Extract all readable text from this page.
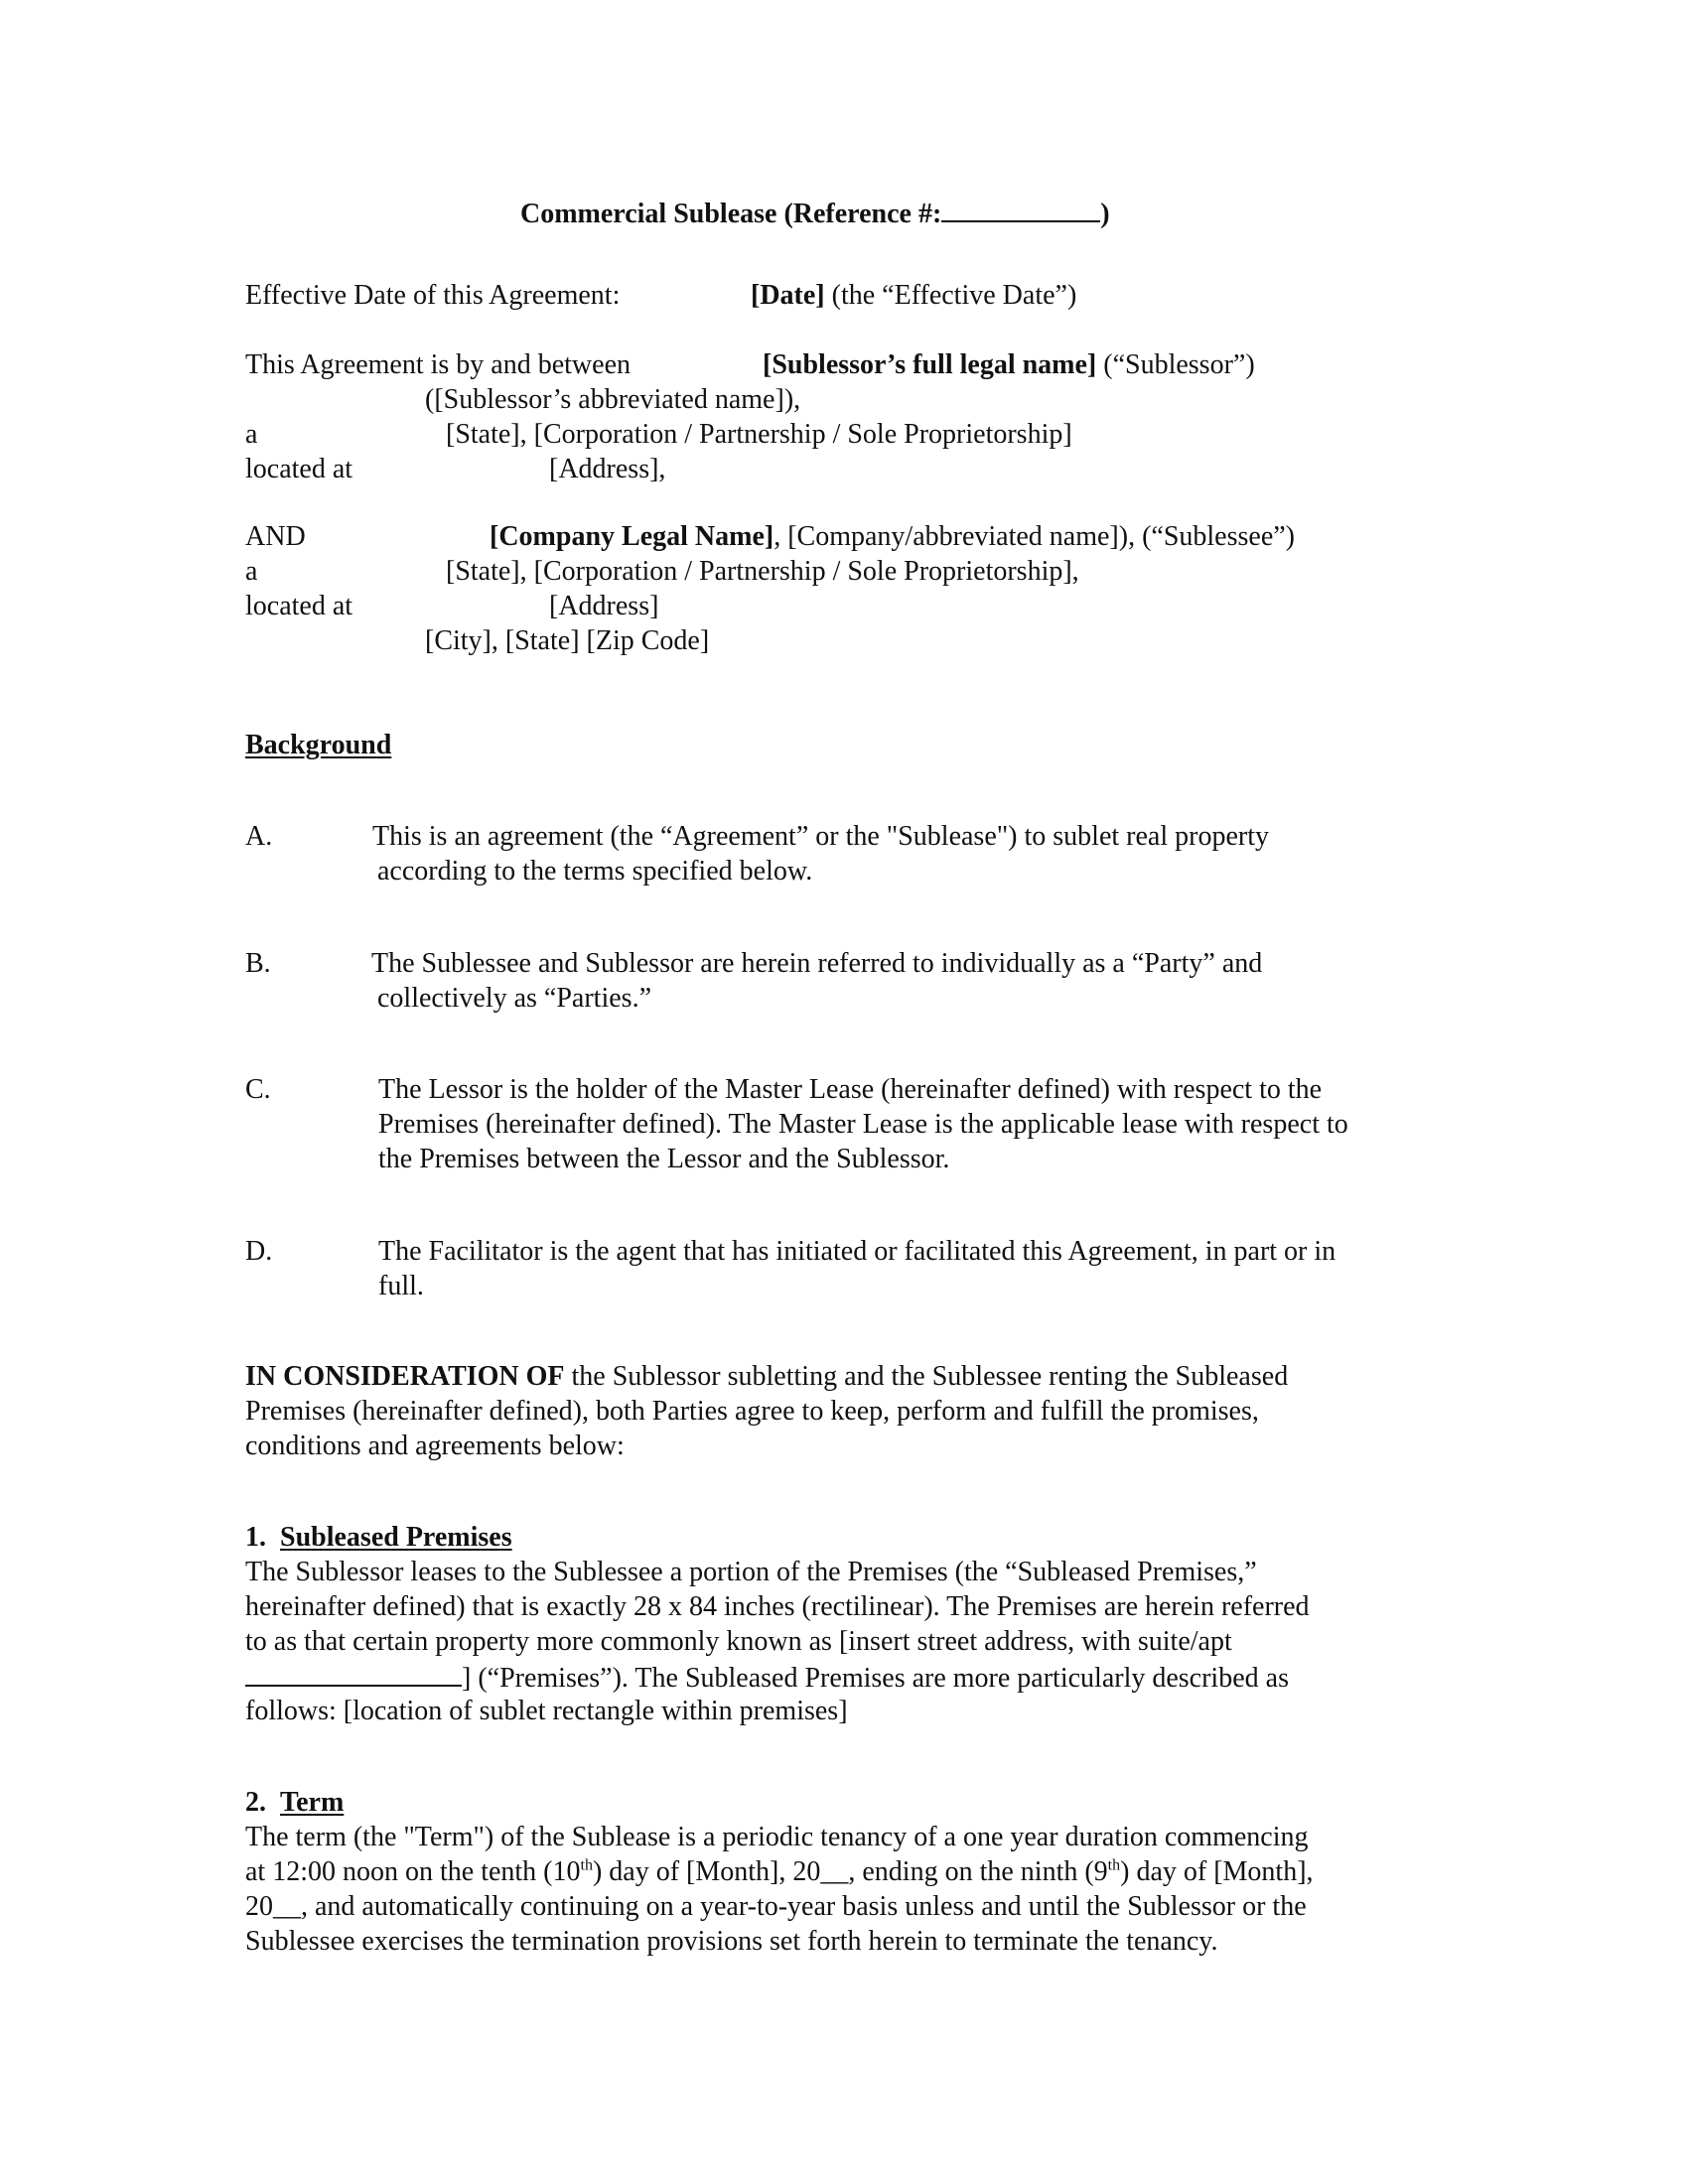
Commercial Sublease (Reference #:	)
Effective Date of this Agreement:	[Date] (the “Effective Date”)
This Agreement is by and between	[Sublessor’s full legal name] (“Sublessor”)
([Sublessor’s abbreviated name]),
a	[State], [Corporation / Partnership / Sole Proprietorship]
located at	[Address],
AND	[Company Legal Name], [Company/abbreviated name]), (“Sublessee”)
a	[State], [Corporation / Partnership / Sole Proprietorship],
located at	[Address]
[City], [State] [Zip Code]
Background
A.	This is an agreement (the “Agreement” or the "Sublease") to sublet real property
according to the terms specified below.
B.	The Sublessee and Sublessor are herein referred to individually as a “Party” and
collectively as “Parties.”
C.	The Lessor is the holder of the Master Lease (hereinafter defined) with respect to the
Premises (hereinafter defined). The Master Lease is the applicable lease with respect to
the Premises between the Lessor and the Sublessor.
D.	The Facilitator is the agent that has initiated or facilitated this Agreement, in part or in
full.
IN CONSIDERATION OF the Sublessor subletting and the Sublessee renting the Subleased
Premises (hereinafter defined), both Parties agree to keep, perform and fulfill the promises,
conditions and agreements below:
1. Subleased Premises
The Sublessor leases to the Sublessee a portion of the Premises (the “Subleased Premises,”
hereinafter defined) that is exactly 28 x 84 inches (rectilinear). The Premises are herein referred
to as that certain property more commonly known as [insert street address, with suite/apt
] (“Premises”). The Subleased Premises are more particularly described as
follows: [location of sublet rectangle within premises]
2. Term
The term (the "Term") of the Sublease is a periodic tenancy of a one year duration commencing
at 12:00 noon on the tenth (10th) day of [Month], 20__, ending on the ninth (9th) day of [Month],
20__, and automatically continuing on a year-to-year basis unless and until the Sublessor or the
Sublessee exercises the termination provisions set forth herein to terminate the tenancy.
